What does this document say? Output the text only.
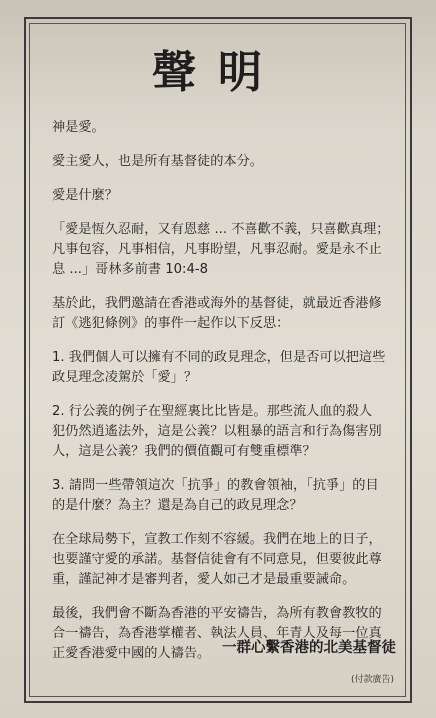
聲明
神是愛。
愛主愛人，也是所有基督徒的本分。
愛是什麼？
「愛是恆久忍耐，又有恩慈 ... 不喜歡不義，只喜歡真理；
凡事包容，凡事相信，凡事盼望，凡事忍耐。愛是永不止
息 ...」哥林多前書 10:4-8
基於此，我們邀請在香港或海外的基督徒，就最近香港修
訂《逃犯條例》的事件一起作以下反思：
1. 我們個人可以擁有不同的政見理念，但是否可以把這些
政見理念凌駕於「愛」？
2. 行公義的例子在聖經裏比比皆是。那些流人血的殺人
犯仍然逍遙法外，這是公義？以粗暴的語言和行為傷害別
人，這是公義？我們的價值觀可有雙重標準？
3. 請問一些帶領這次「抗爭」的教會領袖，「抗爭」的目
的是什麼？為主？還是為自己的政見理念？
在全球局勢下，宣教工作刻不容緩。我們在地上的日子，
也要謹守愛的承諾。基督信徒會有不同意見，但要彼此尊
重，謹記神才是審判者，愛人如己才是最重要誡命。
最後，我們會不斷為香港的平安禱告，為所有教會教牧的
合一禱告，為香港掌權者、執法人員、年青人及每一位真
正愛香港愛中國的人禱告。 一群心繫香港的北美基督徒
(付款廣告)
